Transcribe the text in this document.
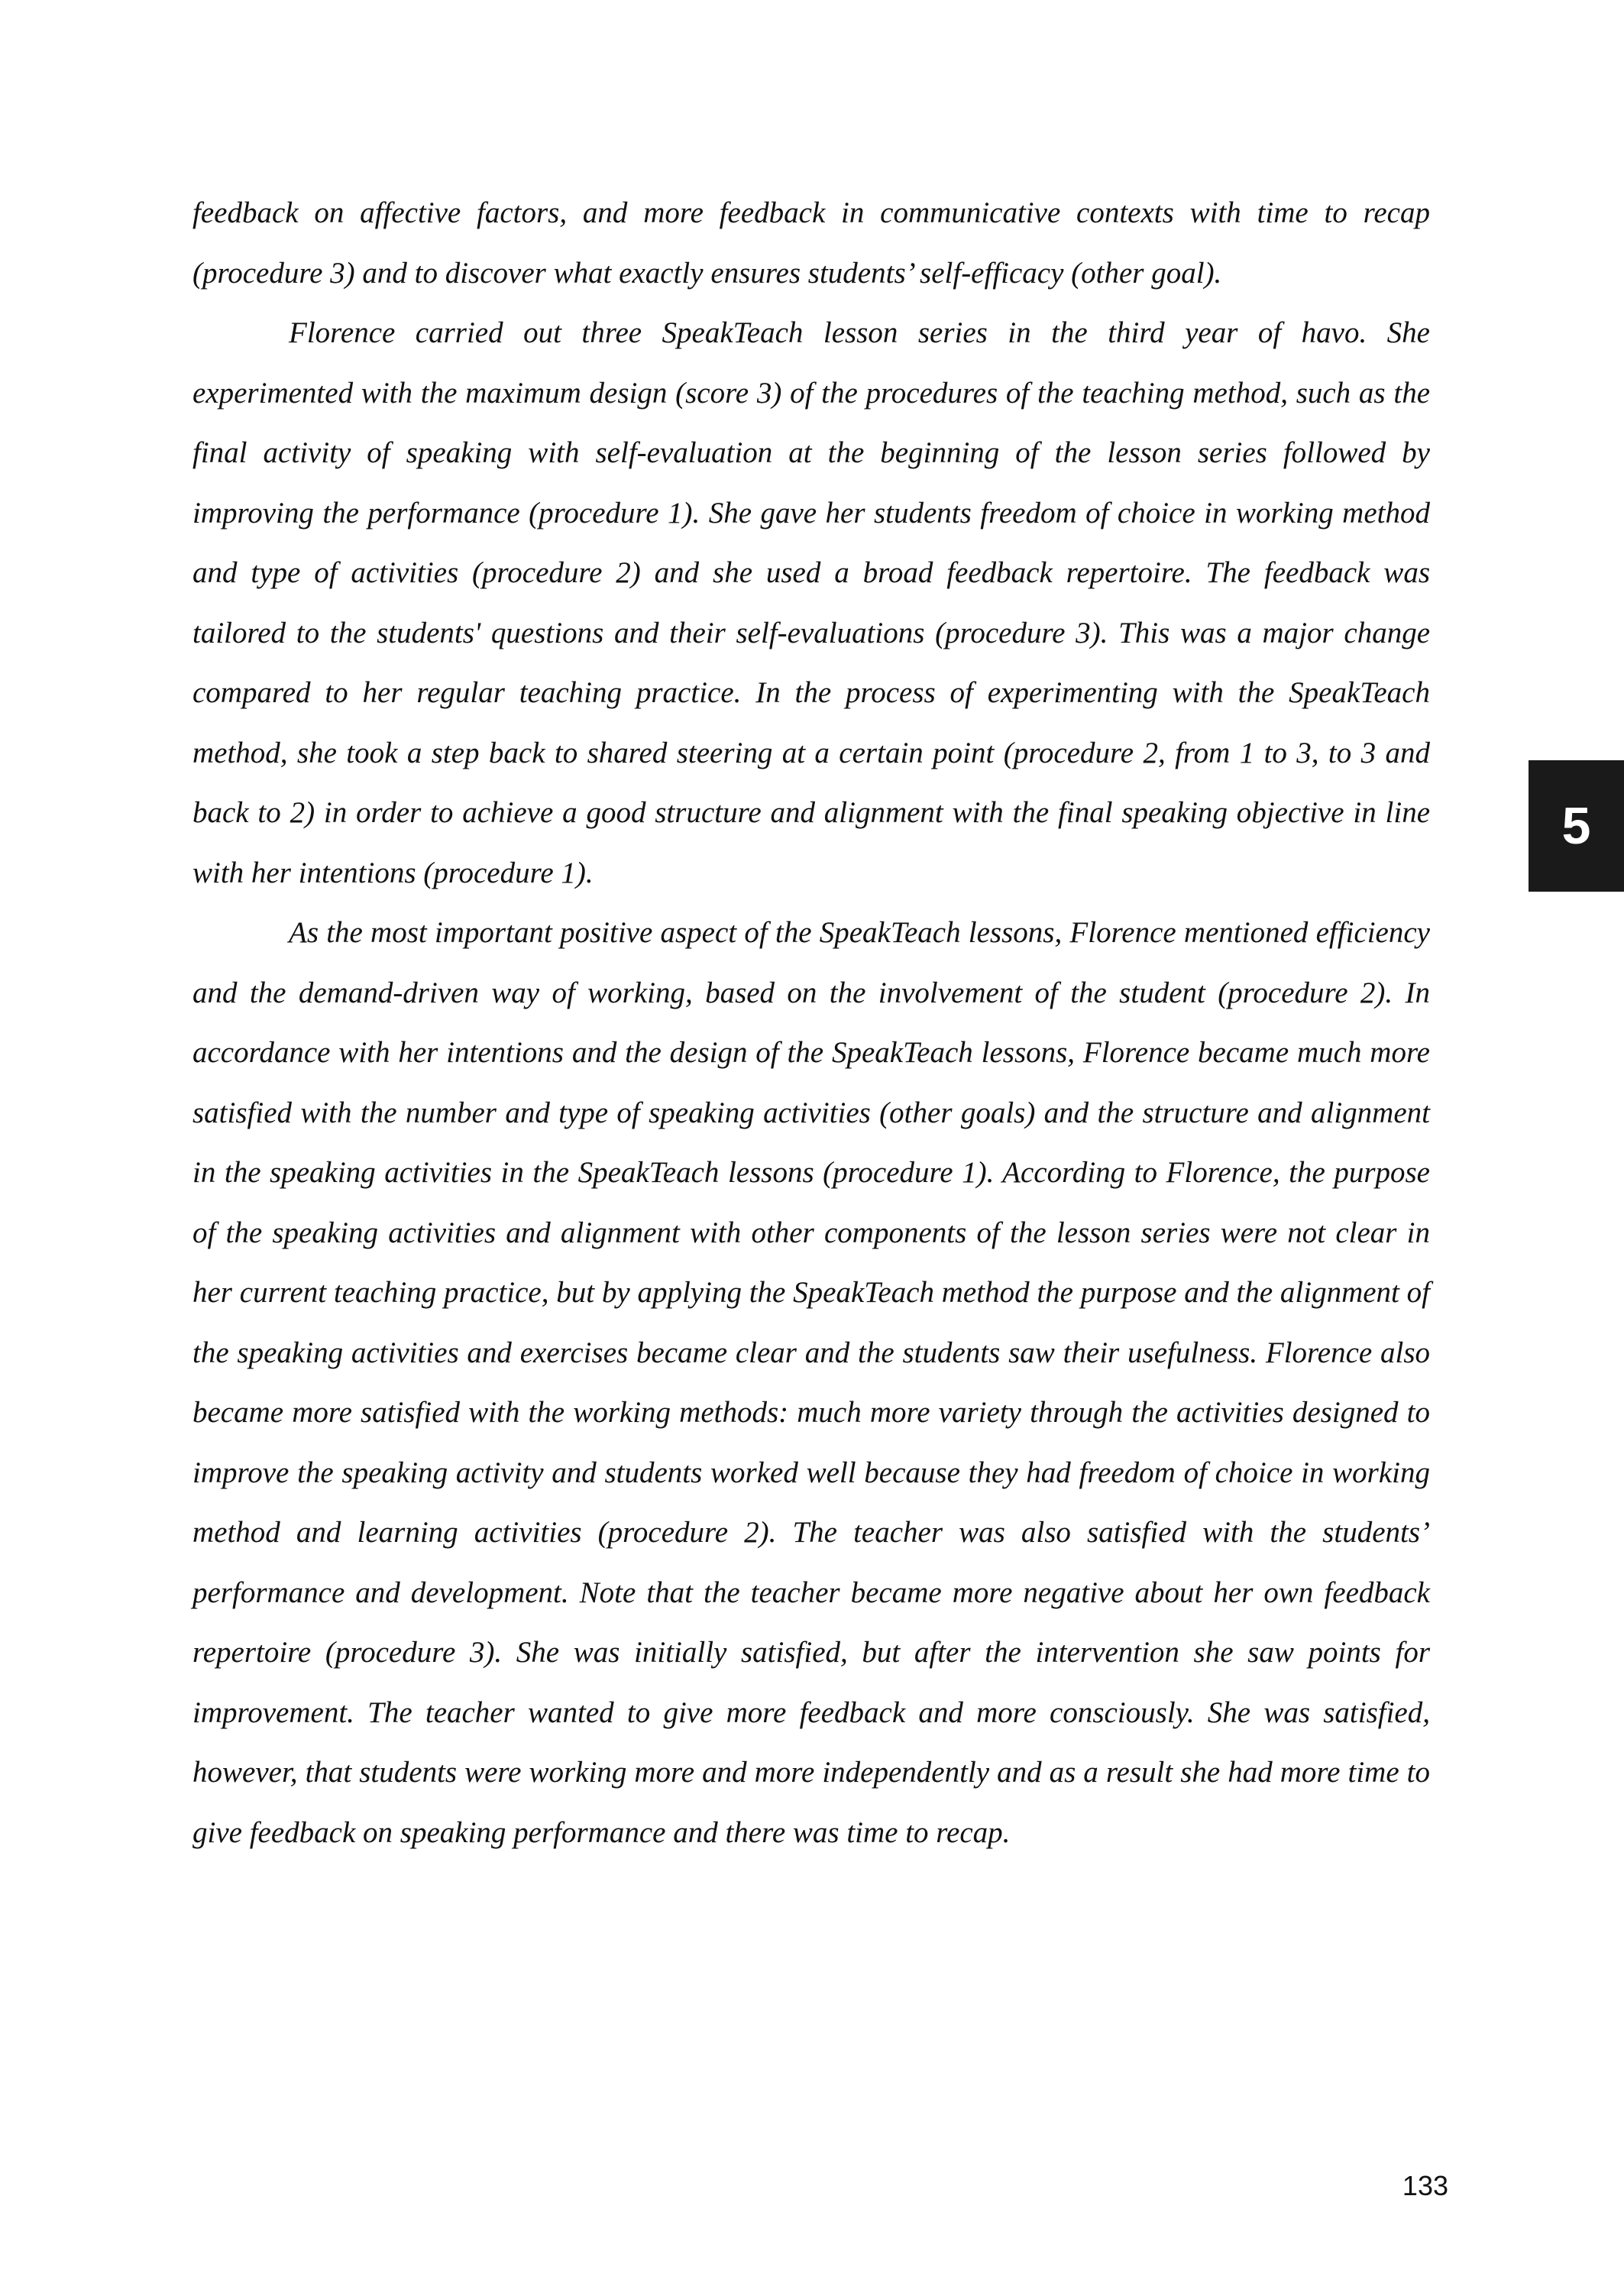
feedback on affective factors, and more feedback in communicative contexts with time to recap (procedure 3) and to discover what exactly ensures students’ self-efficacy (other goal).

Florence carried out three SpeakTeach lesson series in the third year of havo. She experimented with the maximum design (score 3) of the procedures of the teaching method, such as the final activity of speaking with self-evaluation at the beginning of the lesson series followed by improving the performance (procedure 1). She gave her students freedom of choice in working method and type of activities (procedure 2) and she used a broad feedback repertoire. The feedback was tailored to the students' questions and their self-evaluations (procedure 3). This was a major change compared to her regular teaching practice. In the process of experimenting with the SpeakTeach method, she took a step back to shared steering at a certain point (procedure 2, from 1 to 3, to 3 and back to 2) in order to achieve a good structure and alignment with the final speaking objective in line with her intentions (procedure 1).

As the most important positive aspect of the SpeakTeach lessons, Florence mentioned efficiency and the demand-driven way of working, based on the involvement of the student (procedure 2). In accordance with her intentions and the design of the SpeakTeach lessons, Florence became much more satisfied with the number and type of speaking activities (other goals) and the structure and alignment in the speaking activities in the SpeakTeach lessons (procedure 1). According to Florence, the purpose of the speaking activities and alignment with other components of the lesson series were not clear in her current teaching practice, but by applying the SpeakTeach method the purpose and the alignment of the speaking activities and exercises became clear and the students saw their usefulness. Florence also became more satisfied with the working methods: much more variety through the activities designed to improve the speaking activity and students worked well because they had freedom of choice in working method and learning activities (procedure 2). The teacher was also satisfied with the students’ performance and development. Note that the teacher became more negative about her own feedback repertoire (procedure 3). She was initially satisfied, but after the intervention she saw points for improvement. The teacher wanted to give more feedback and more consciously. She was satisfied, however, that students were working more and more independently and as a result she had more time to give feedback on speaking performance and there was time to recap.

5
133
